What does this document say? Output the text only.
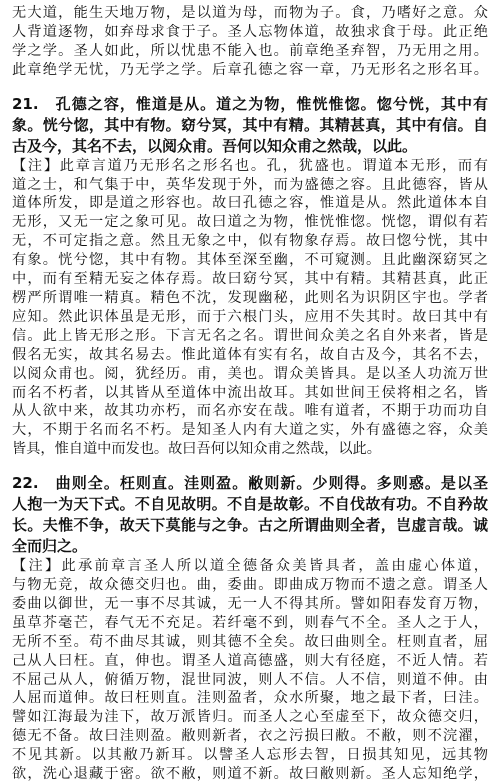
无大道，能生天地万物，是以道为母，而物为子。食，乃嗜好之意。众
人背道逐物，如弃母求食于子。圣人忘物体道，故独求食于母。此正绝
学之学。圣人如此，所以忧患不能入也。前章绝圣弃智，乃无用之用。
此章绝学无忧，乃无学之学。后章孔德之容一章，乃无形名之形名耳。
21.　孔德之容，惟道是从。道之为物，惟恍惟惚。惚兮恍，其中有
象。恍兮惚，其中有物。窈兮冥，其中有精。其精甚真，其中有信。自
古及今，其名不去，以阅众甫。吾何以知众甫之然哉，以此。
【注】此章言道乃无形名之形名也。孔，犹盛也。谓道本无形，而有
道之士，和气集于中，英华发现于外，而为盛德之容。且此德容，皆从
道体所发，即是道之形容也。故曰孔德之容，惟道是从。然此道体本自
无形，又无一定之象可见。故曰道之为物，惟恍惟惚。恍惚，谓似有若
无，不可定指之意。然且无象之中，似有物象存焉。故曰惚兮恍，其中
有象。恍兮惚，其中有物。其体至深至幽，不可窥测。且此幽深窈冥之
中，而有至精无妄之体存焉。故曰窈兮冥，其中有精。其精甚真，此正
楞严所谓唯一精真。精色不沈，发现幽秘，此则名为识阴区宇也。学者
应知。然此识体虽是无形，而于六根门头，应用不失其时。故曰其中有
信。此上皆无形之形。下言无名之名。谓世间众美之名自外来者，皆是
假名无实，故其名易去。惟此道体有实有名，故自古及今，其名不去，
以阅众甫也。阅，犹经历。甫，美也。谓众美皆具。是以圣人功流万世
而名不朽者，以其皆从至道体中流出故耳。其如世间王侯将相之名，皆
从人欲中来，故其功亦朽，而名亦安在哉。唯有道者，不期于功而功自
大，不期于名而名不朽。是知圣人内有大道之实，外有盛德之容，众美
皆具，惟自道中而发也。故曰吾何以知众甫之然哉，以此。
22.　曲则全。枉则直。洼则盈。敝则新。少则得。多则惑。是以圣
人抱一为天下式。不自见故明。不自是故彰。不自伐故有功。不自矜故
长。夫惟不争，故天下莫能与之争。古之所谓曲则全者，岂虚言哉。诚
全而归之。
【注】此承前章言圣人所以道全德备众美皆具者，盖由虚心体道，
与物无竞，故众德交归也。曲，委曲。即曲成万物而不遗之意。谓圣人
委曲以御世，无一事不尽其诚，无一人不得其所。譬如阳春发育万物，
虽草芥毫芒，春气无不充足。若纤毫不到，则春气不全。圣人之于人，
无所不至。苟不曲尽其诚，则其德不全矣。故曰曲则全。枉则直者，屈
己从人曰枉。直，伸也。谓圣人道高德盛，则大有径庭，不近人情。若
不屈己从人，俯循万物，混世同波，则人不信。人不信，则道不伸。由
人屈而道伸。故曰枉则直。洼则盈者，众水所聚，地之最下者，曰洼。
譬如江海最为洼下，故万派皆归。而圣人之心至虚至下，故众德交归，
德无不备。故曰洼则盈。敝则新者，衣之污损曰敝。不敝，则不浣濯，
不见其新。以其敝乃新耳。以譬圣人忘形去智，日损其知见，远其物
欲，洗心退藏于密。欲不敝，则道不新。故曰敝则新。圣人忘知绝学，
